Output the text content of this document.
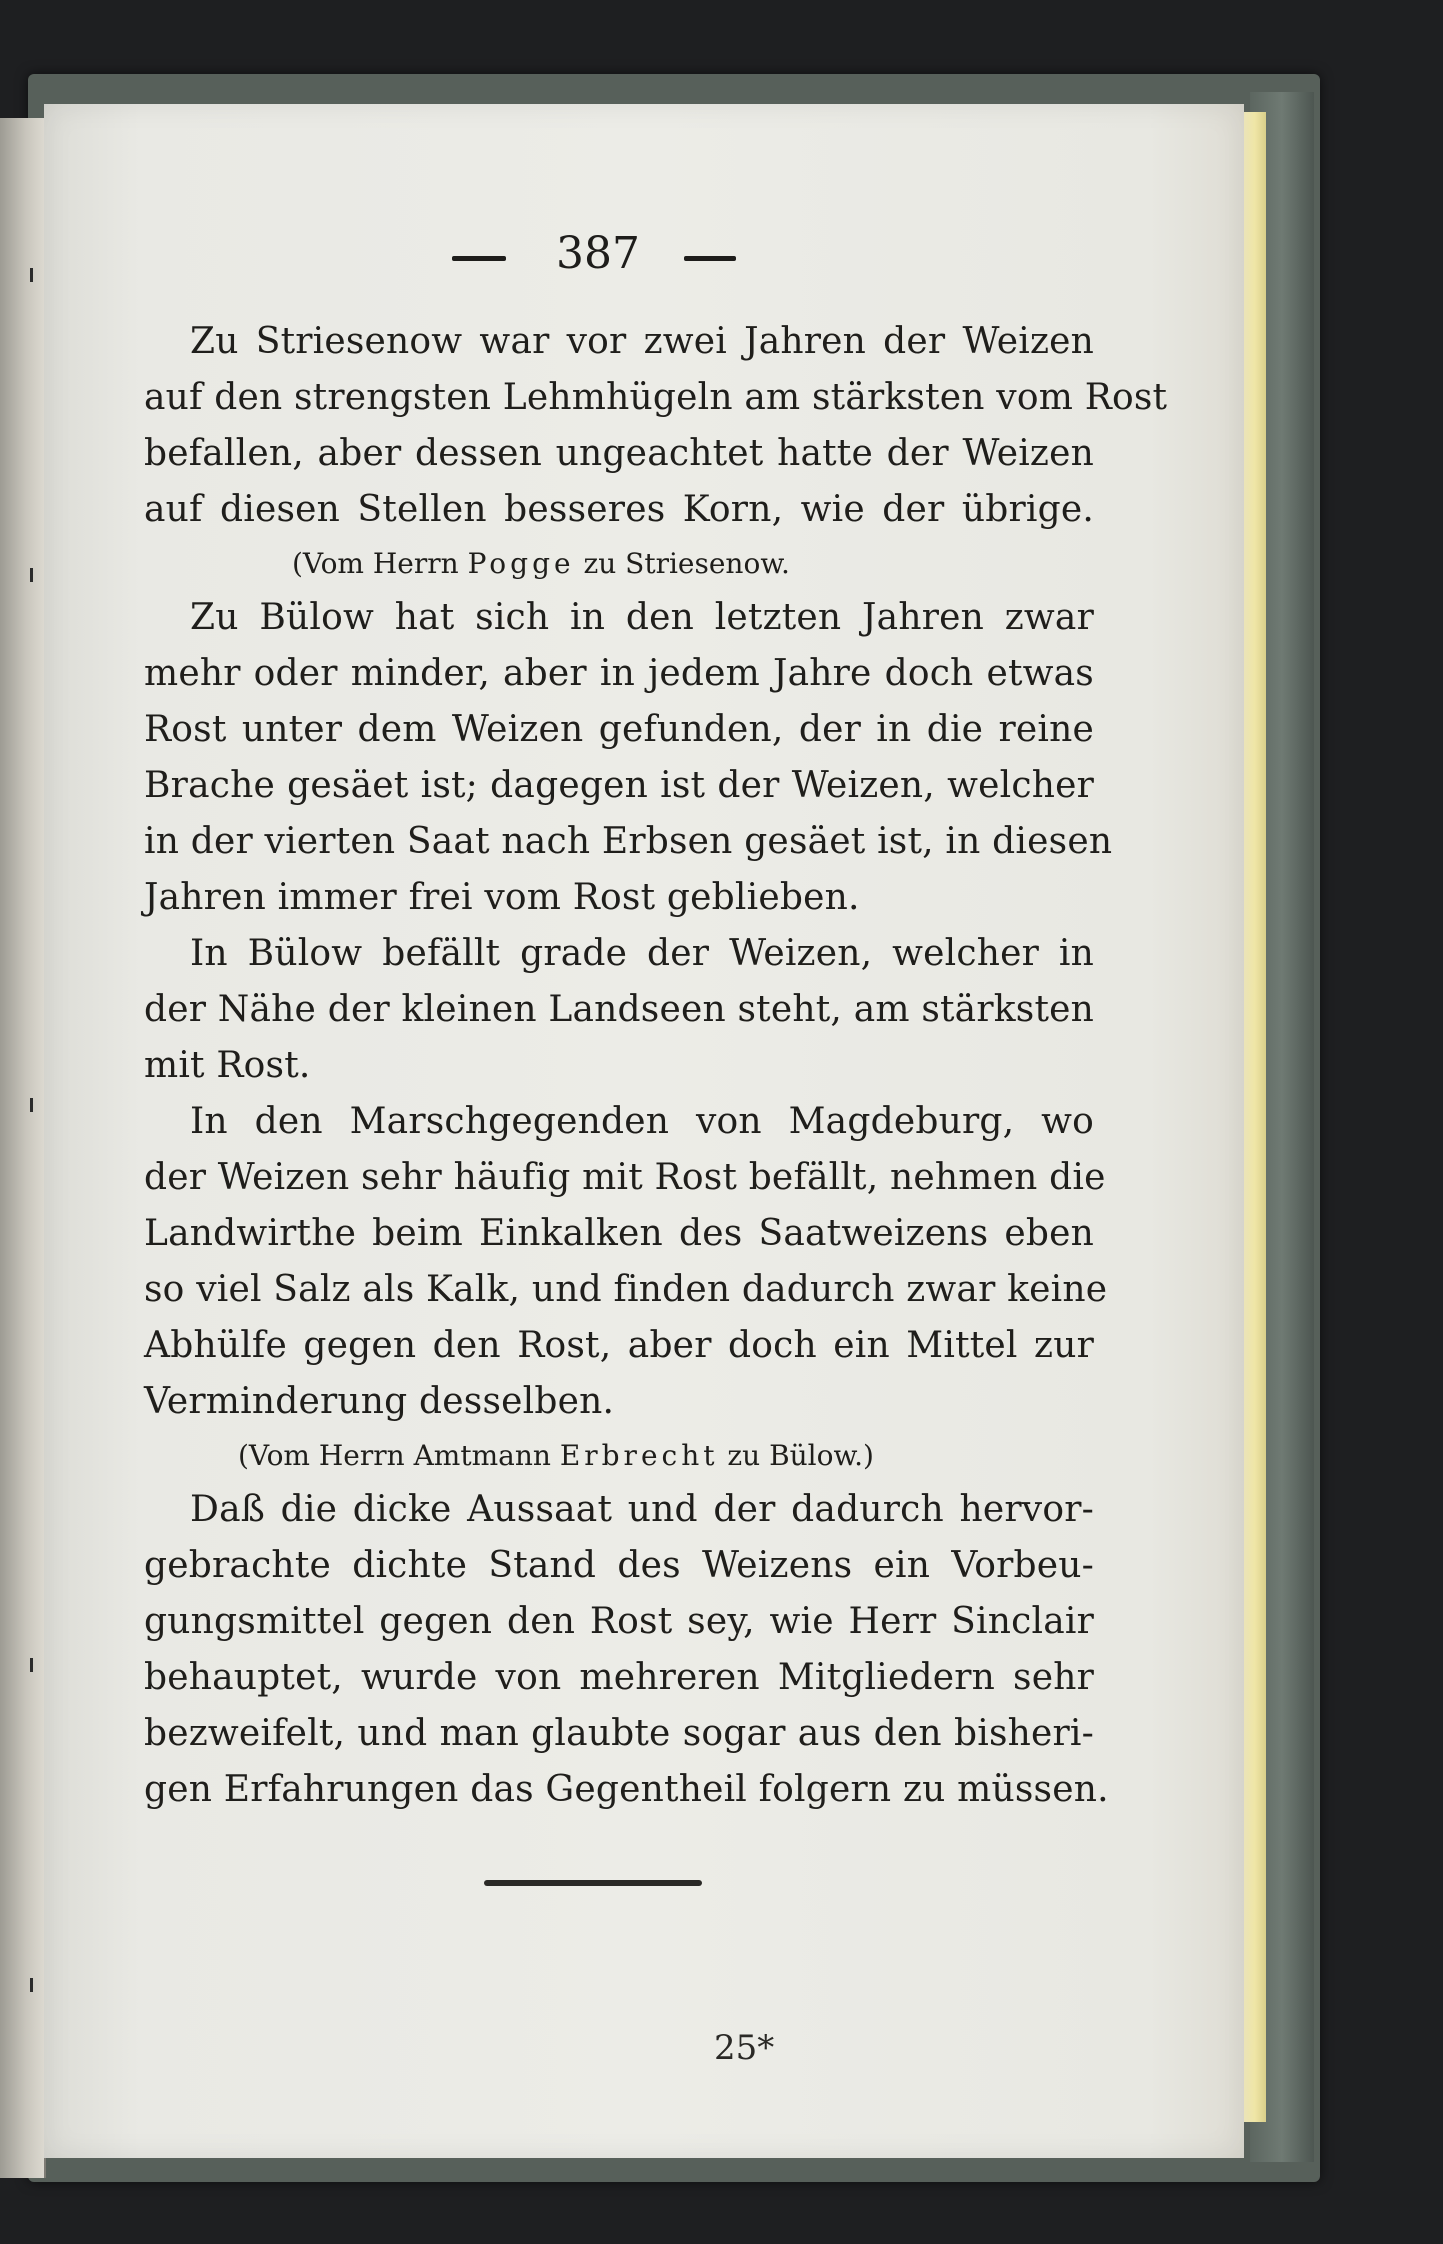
387
Zu Striesenow war vor zwei Jahren der Weizen
auf den strengsten Lehmhügeln am stärksten vom Rost
befallen, aber dessen ungeachtet hatte der Weizen
auf diesen Stellen besseres Korn, wie der übrige.
(Vom Herrn Pogge zu Striesenow.
Zu Bülow hat sich in den letzten Jahren zwar
mehr oder minder, aber in jedem Jahre doch etwas
Rost unter dem Weizen gefunden, der in die reine
Brache gesäet ist; dagegen ist der Weizen, welcher
in der vierten Saat nach Erbsen gesäet ist, in diesen
Jahren immer frei vom Rost geblieben.
In Bülow befällt grade der Weizen, welcher in
der Nähe der kleinen Landseen steht, am stärksten
mit Rost.
In den Marschgegenden von Magdeburg, wo
der Weizen sehr häufig mit Rost befällt, nehmen die
Landwirthe beim Einkalken des Saatweizens eben
so viel Salz als Kalk, und finden dadurch zwar keine
Abhülfe gegen den Rost, aber doch ein Mittel zur
Verminderung desselben.
(Vom Herrn Amtmann Erbrecht zu Bülow.)
Daß die dicke Aussaat und der dadurch hervor-
gebrachte dichte Stand des Weizens ein Vorbeu-
gungsmittel gegen den Rost sey, wie Herr Sinclair
behauptet, wurde von mehreren Mitgliedern sehr
bezweifelt, und man glaubte sogar aus den bisheri-
gen Erfahrungen das Gegentheil folgern zu müssen.
25*
